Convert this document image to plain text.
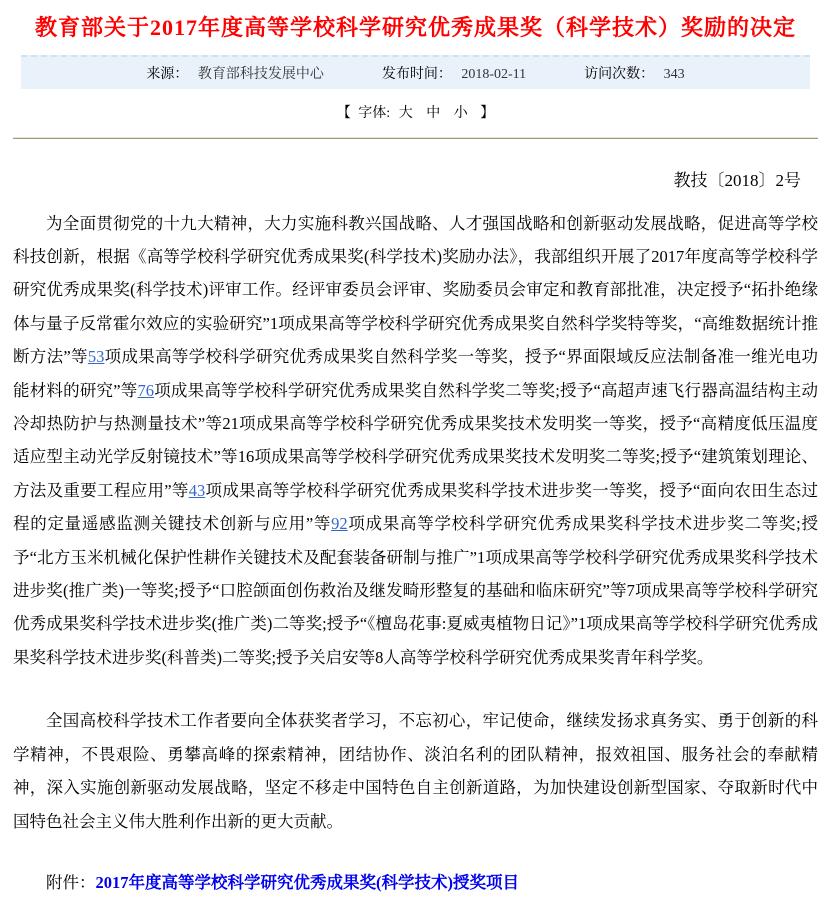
教育部关于2017年度高等学校科学研究优秀成果奖（科学技术）奖励的决定
来源： 教育部科技发展中心	发布时间： 2018-02-11	访问次数： 343
【 字体: 大 中 小 】
教技〔2018〕2号

为全面贯彻党的十九大精神，大力实施科教兴国战略、人才强国战略和创新驱动发展战略，促进高等学校科技创新，根据《高等学校科学研究优秀成果奖(科学技术)奖励办法》，我部组织开展了2017年度高等学校科学研究优秀成果奖(科学技术)评审工作。经评审委员会评审、奖励委员会审定和教育部批准，决定授予“拓扑绝缘体与量子反常霍尔效应的实验研究”1项成果高等学校科学研究优秀成果奖自然科学奖特等奖，“高维数据统计推断方法”等53项成果高等学校科学研究优秀成果奖自然科学奖一等奖，授予“界面限域反应法制备准一维光电功能材料的研究”等76项成果高等学校科学研究优秀成果奖自然科学奖二等奖;授予“高超声速飞行器高温结构主动冷却热防护与热测量技术”等21项成果高等学校科学研究优秀成果奖技术发明奖一等奖，授予“高精度低压温度适应型主动光学反射镜技术”等16项成果高等学校科学研究优秀成果奖技术发明奖二等奖;授予“建筑策划理论、方法及重要工程应用”等43项成果高等学校科学研究优秀成果奖科学技术进步奖一等奖，授予“面向农田生态过程的定量遥感监测关键技术创新与应用”等92项成果高等学校科学研究优秀成果奖科学技术进步奖二等奖;授予“北方玉米机械化保护性耕作关键技术及配套装备研制与推广”1项成果高等学校科学研究优秀成果奖科学技术进步奖(推广类)一等奖;授予“口腔颌面创伤救治及继发畸形整复的基础和临床研究”等7项成果高等学校科学研究优秀成果奖科学技术进步奖(推广类)二等奖;授予“《檀岛花事:夏威夷植物日记》”1项成果高等学校科学研究优秀成果奖科学技术进步奖(科普类)二等奖;授予关启安等8人高等学校科学研究优秀成果奖青年科学奖。

全国高校科学技术工作者要向全体获奖者学习，不忘初心，牢记使命，继续发扬求真务实、勇于创新的科学精神，不畏艰险、勇攀高峰的探索精神，团结协作、淡泊名利的团队精神，报效祖国、服务社会的奉献精神，深入实施创新驱动发展战略，坚定不移走中国特色自主创新道路，为加快建设创新型国家、夺取新时代中国特色社会主义伟大胜利作出新的更大贡献。

附件：2017年度高等学校科学研究优秀成果奖(科学技术)授奖项目
